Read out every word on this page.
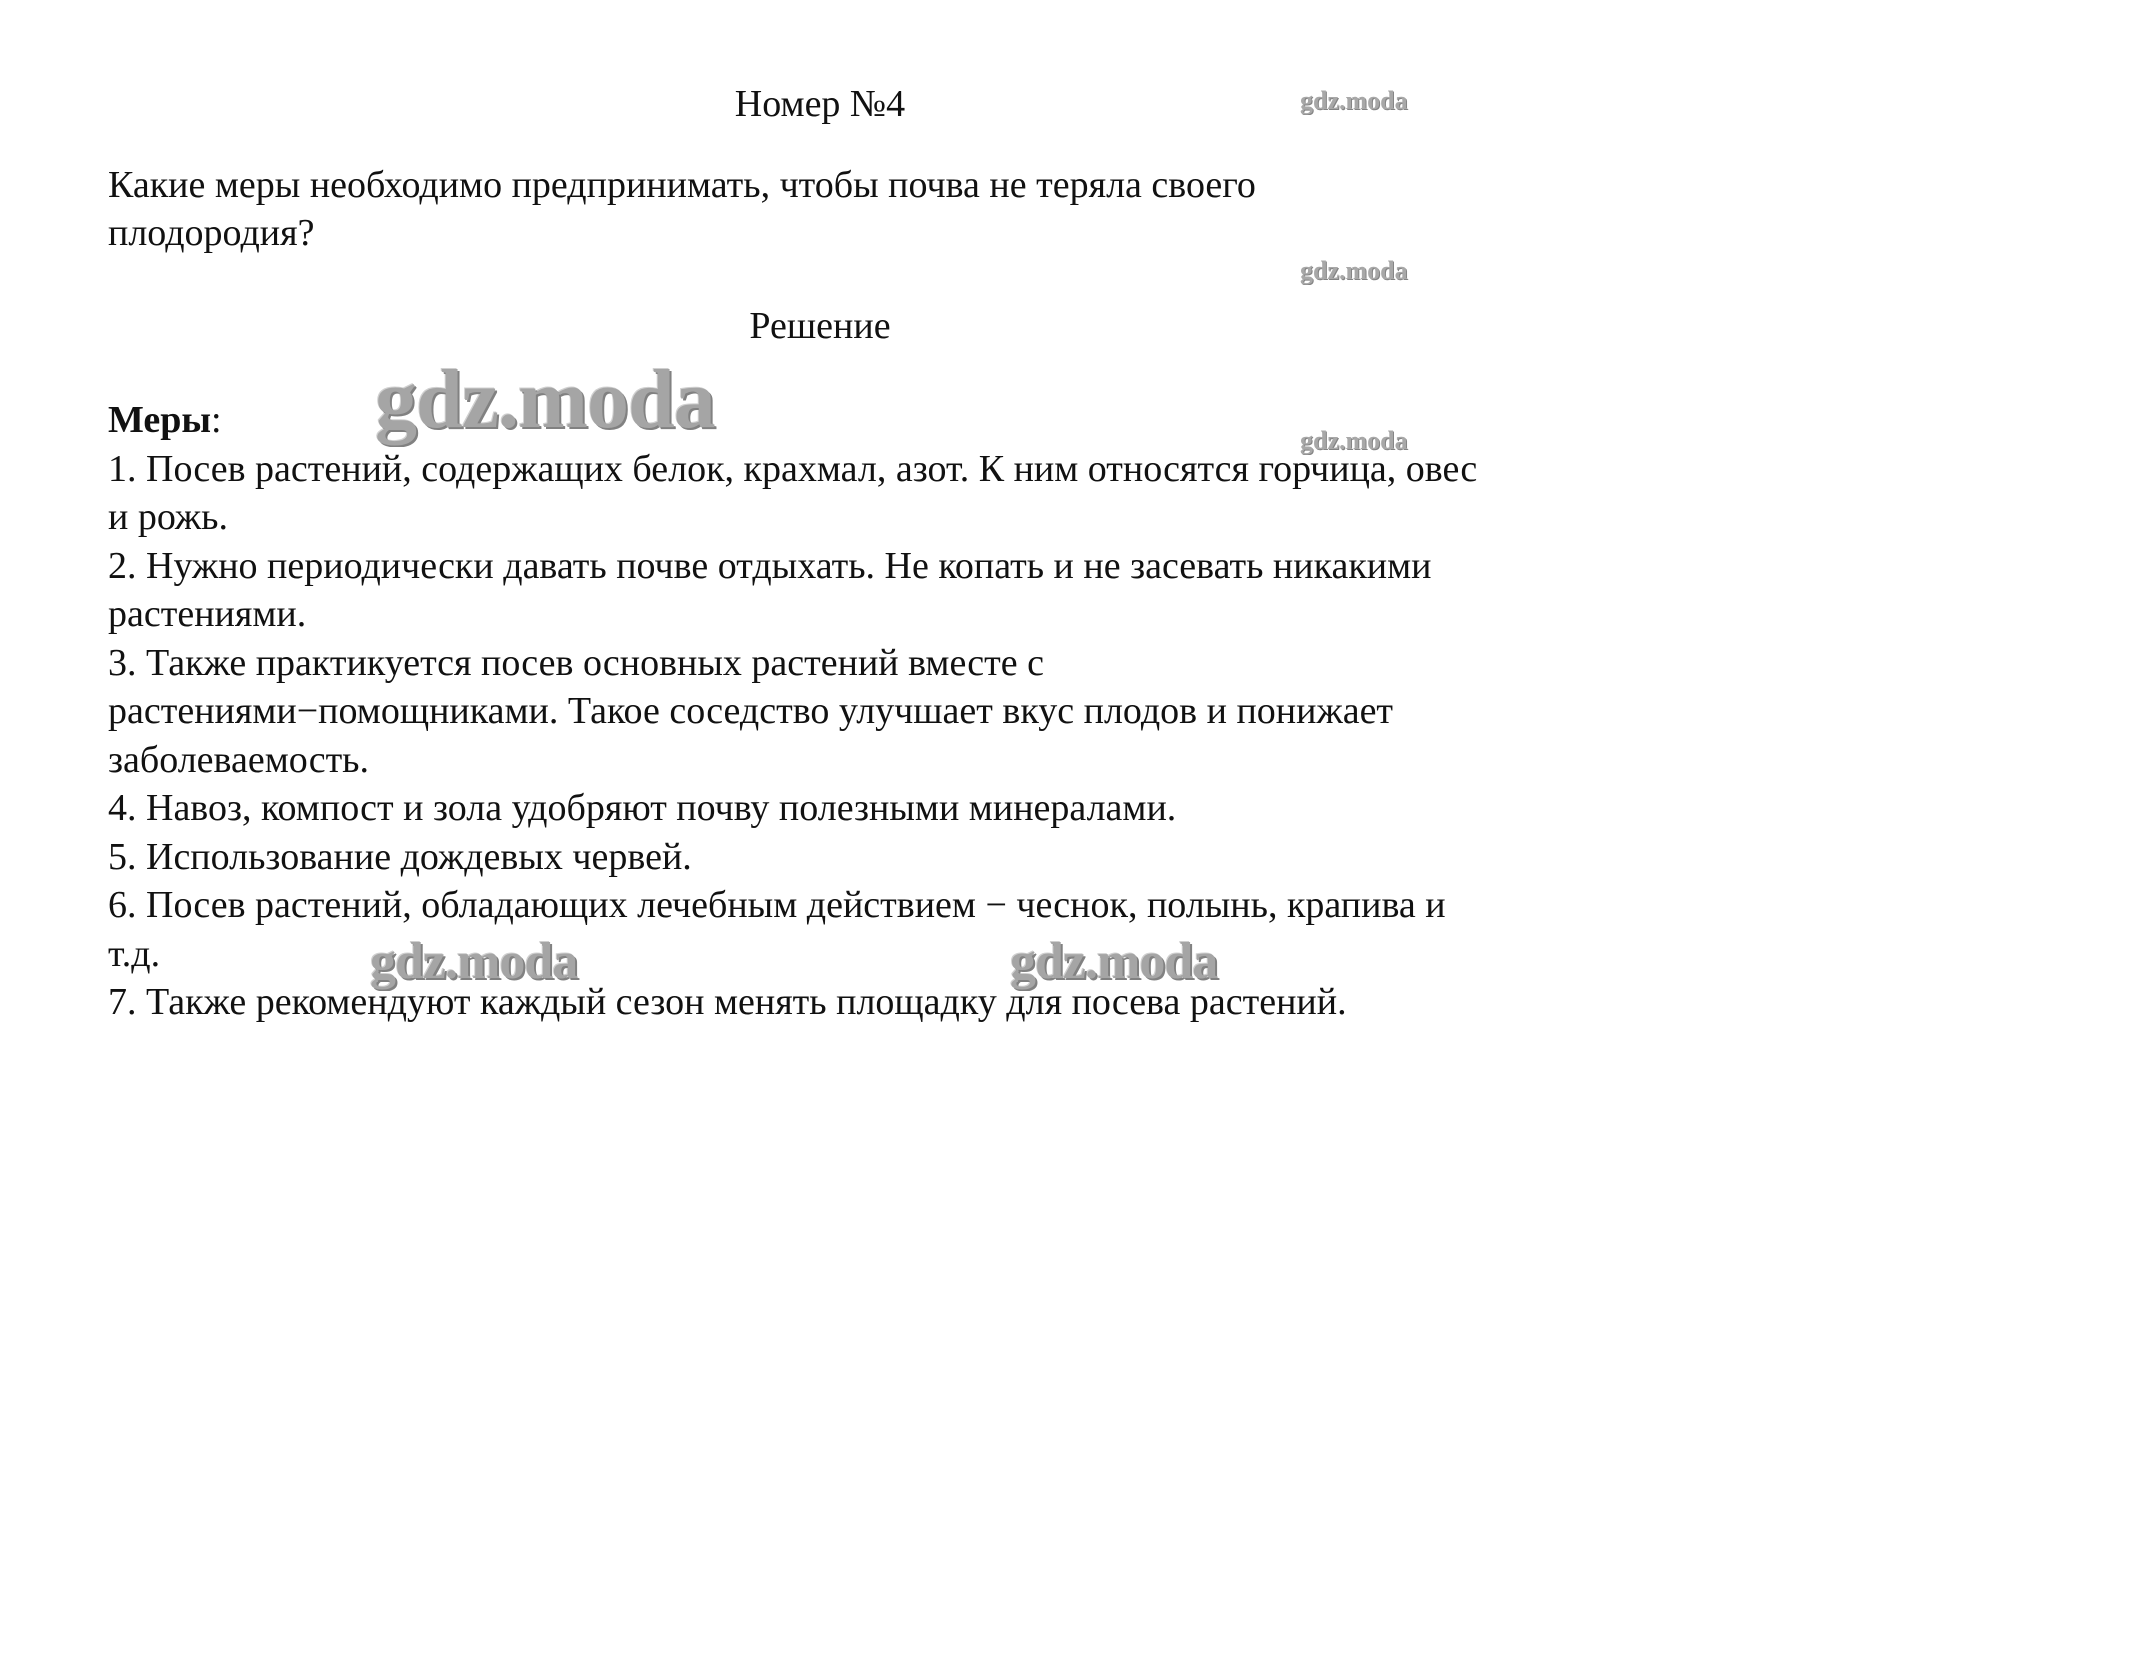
Номер №4
Какие меры необходимо предпринимать, чтобы почва не теряла своего плодородия?
Решение
Меры:
1. Посев растений, содержащих белок, крахмал, азот. К ним относятся горчица, овес и рожь.
2. Нужно периодически давать почве отдыхать. Не копать и не засевать никакими растениями.
3. Также практикуется посев основных растений вместе с растениями−помощниками. Такое соседство улучшает вкус плодов и понижает заболеваемость.
4. Навоз, компост и зола удобряют почву полезными минералами.
5. Использование дождевых червей.
6. Посев растений, обладающих лечебным действием − чеснок, полынь, крапива и т.д.
7. Также рекомендуют каждый сезон менять площадку для посева растений.
gdz.moda
gdz.moda
gdz.moda
gdz.moda
gdz.moda	gdz.moda
